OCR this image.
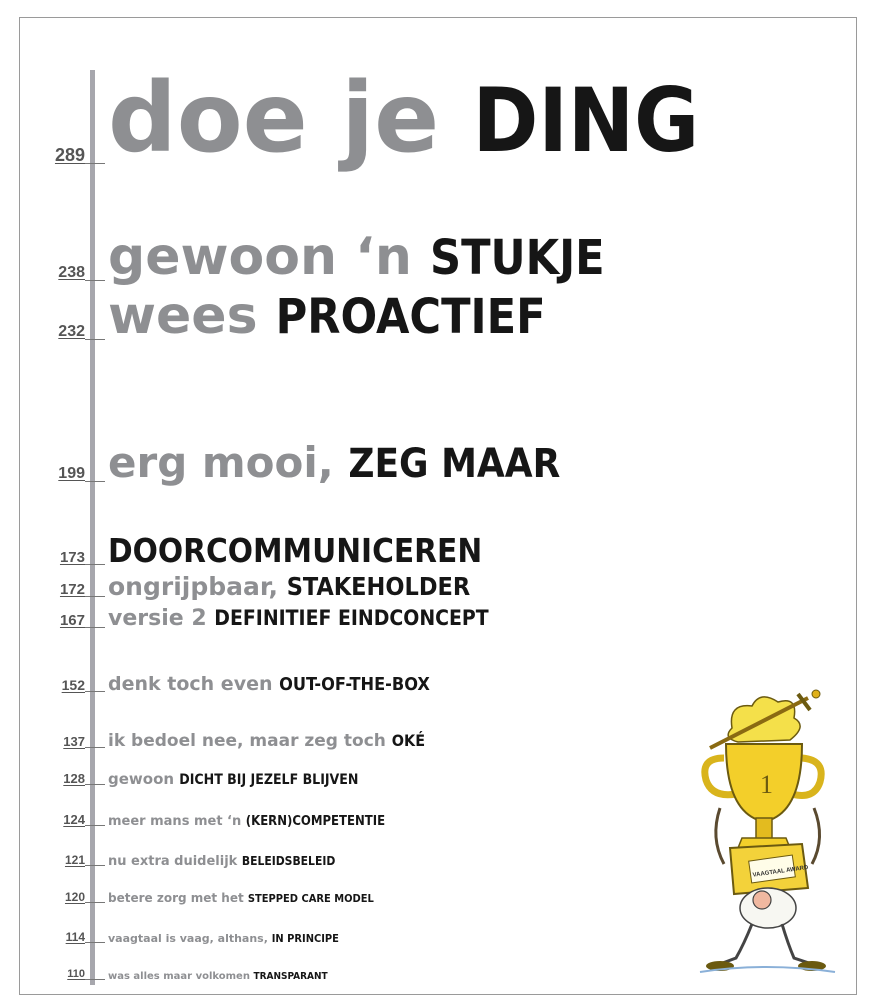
289 doe je DING
238 gewoon ‘n STUKJE
232 wees PROACTIEF
199 erg mooi, ZEG MAAR
173 DOORCOMMUNICEREN
172 ongrijpbaar, STAKEHOLDER
167 versie 2 DEFINITIEF EINDCONCEPT
152 denk toch even OUT-OF-THE-BOX
137 ik bedoel nee, maar zeg toch OKÉ
128 gewoon DICHT BIJ JEZELF BLIJVEN
124 meer mans met ‘n (KERN)COMPETENTIE
121 nu extra duidelijk BELEIDSBELEID
120 betere zorg met het STEPPED CARE MODEL
114 vaagtaal is vaag, althans, IN PRINCIPE
110 was alles maar volkomen TRANSPARANT
1
VAAGTAAL AWARD
